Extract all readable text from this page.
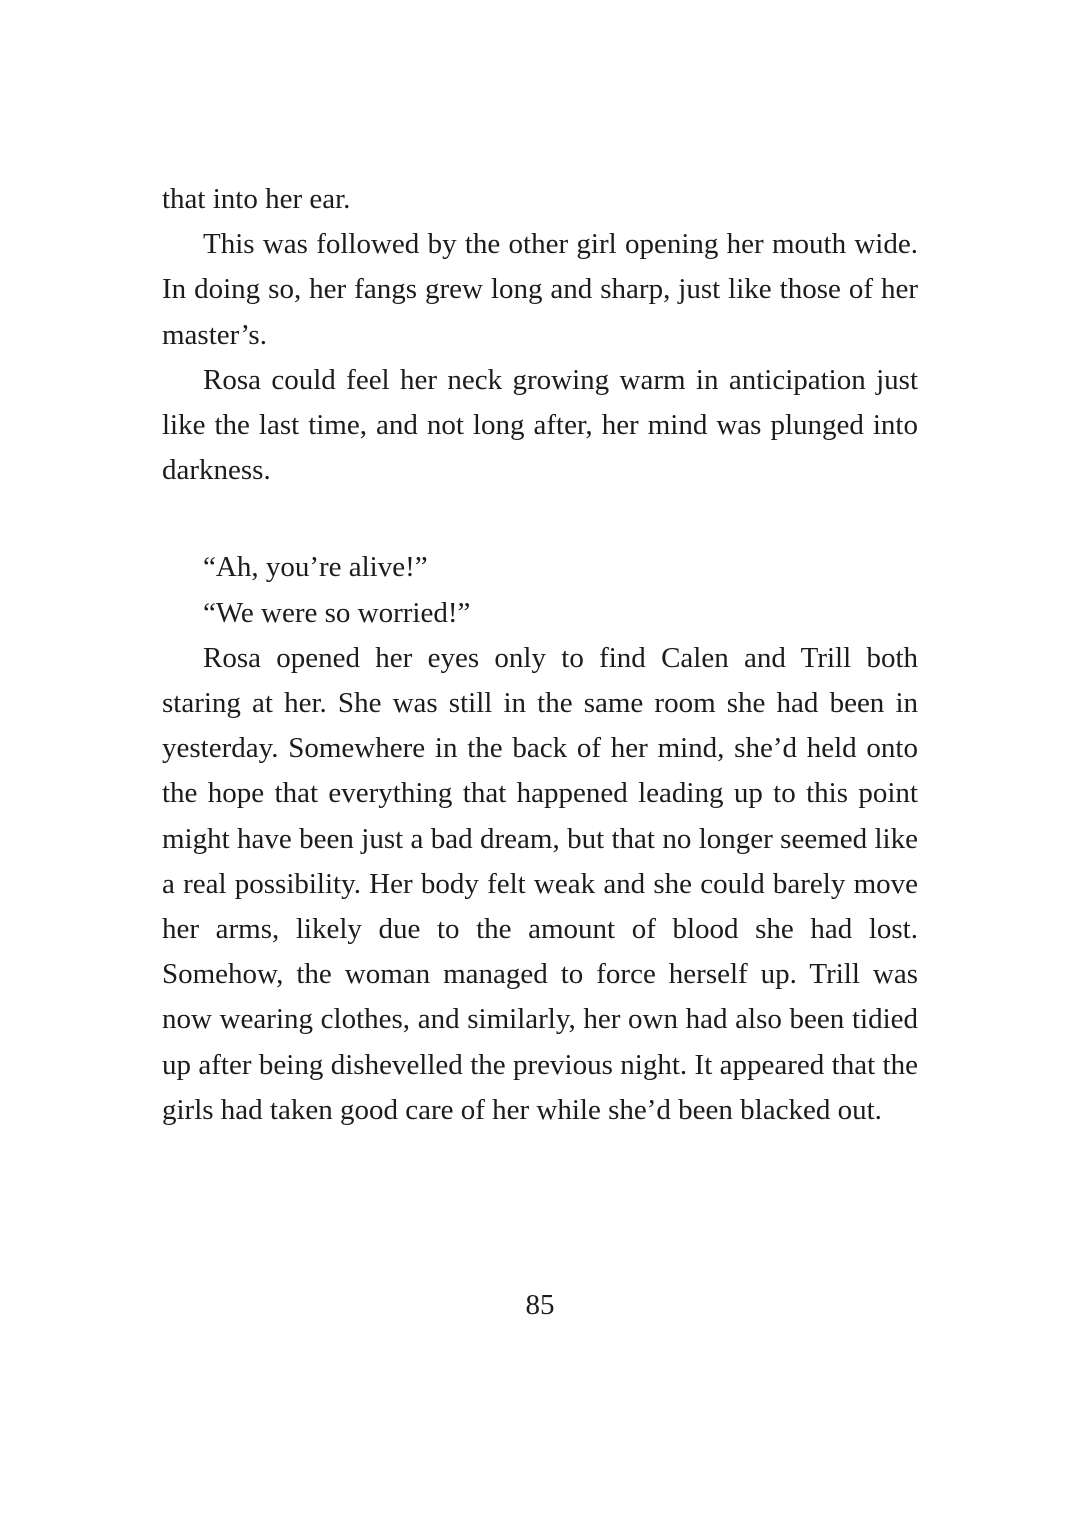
that into her ear.

This was followed by the other girl opening her mouth wide. In doing so, her fangs grew long and sharp, just like those of her master’s.

Rosa could feel her neck growing warm in anticipation just like the last time, and not long after, her mind was plunged into darkness.

“Ah, you’re alive!”

“We were so worried!”

Rosa opened her eyes only to find Calen and Trill both staring at her. She was still in the same room she had been in yesterday. Somewhere in the back of her mind, she’d held onto the hope that everything that happened leading up to this point might have been just a bad dream, but that no longer seemed like a real possibility. Her body felt weak and she could barely move her arms, likely due to the amount of blood she had lost. Somehow, the woman managed to force herself up. Trill was now wearing clothes, and similarly, her own had also been tidied up after being dishevelled the previous night. It appeared that the girls had taken good care of her while she’d been blacked out.

85
